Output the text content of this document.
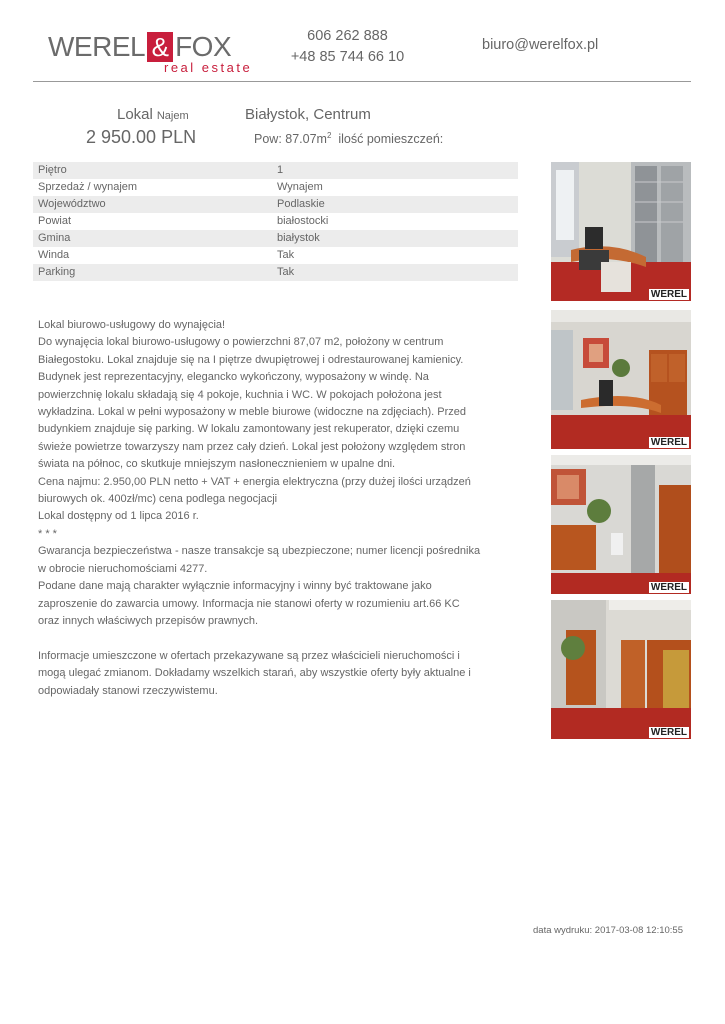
WEREL & FOX
real estate
606 262 888
+48 85 744 66 10
biuro@werelfox.pl
Lokal Najem
2 950.00 PLN
Białystok, Centrum
Pow: $87.07m^2$ ilość pomieszczeń:
Piętro	1
Sprzedaż / wynajem	Wynajem
Województwo	Podlaskie
Powiat	białostocki
Gmina	białystok
Winda	Tak
Parking	Tak

Lokal biurowo-usługowy do wynajęcia!

Do wynajęcia lokal biurowo-usługowy o powierzchni 87,07 m2, położony w centrum Białegostoku. Lokal znajduje się na I piętrze dwupiętrowej i odrestaurowanej kamienicy. Budynek jest reprezentacyjny, elegancko wykończony, wyposażony w windę. Na powierzchnię lokalu składają się 4 pokoje, kuchnia i WC. W pokojach położona jest wykładzina. Lokal w pełni wyposażony w meble biurowe (widoczne na zdjęciach). Przed budynkiem znajduje się parking. W lokalu zamontowany jest rekuperator, dzięki czemu świeże powietrze towarzyszy nam przez cały dzień. Lokal jest położony względem stron świata na północ, co skutkuje mniejszym nasłonecznieniem w upalne dni.

Cena najmu: 2.950,00 PLN netto + VAT + energia elektryczna (przy dużej ilości urządzeń biurowych ok. 400zł/mc) cena podlega negocjacji

Lokal dostępny od 1 lipca 2016 r.

* * *

Gwarancja bezpieczeństwa - nasze transakcje są ubezpieczone; numer licencji pośrednika w obrocie nieruchomościami 4277.

Podane dane mają charakter wyłącznie informacyjny i winny być traktowane jako zaproszenie do zawarcia umowy. Informacja nie stanowi oferty w rozumieniu art.66 KC oraz innych właściwych przepisów prawnych.

Informacje umieszczone w ofertach przekazywane są przez właścicieli nieruchomości i mogą ulegać zmianom. Dokładamy wszelkich starań, aby wszystkie oferty były aktualne i odpowiadały stanowi rzeczywistemu.

WEREL
WEREL
WEREL
WEREL
data wydruku: 2017-03-08 12:10:55
